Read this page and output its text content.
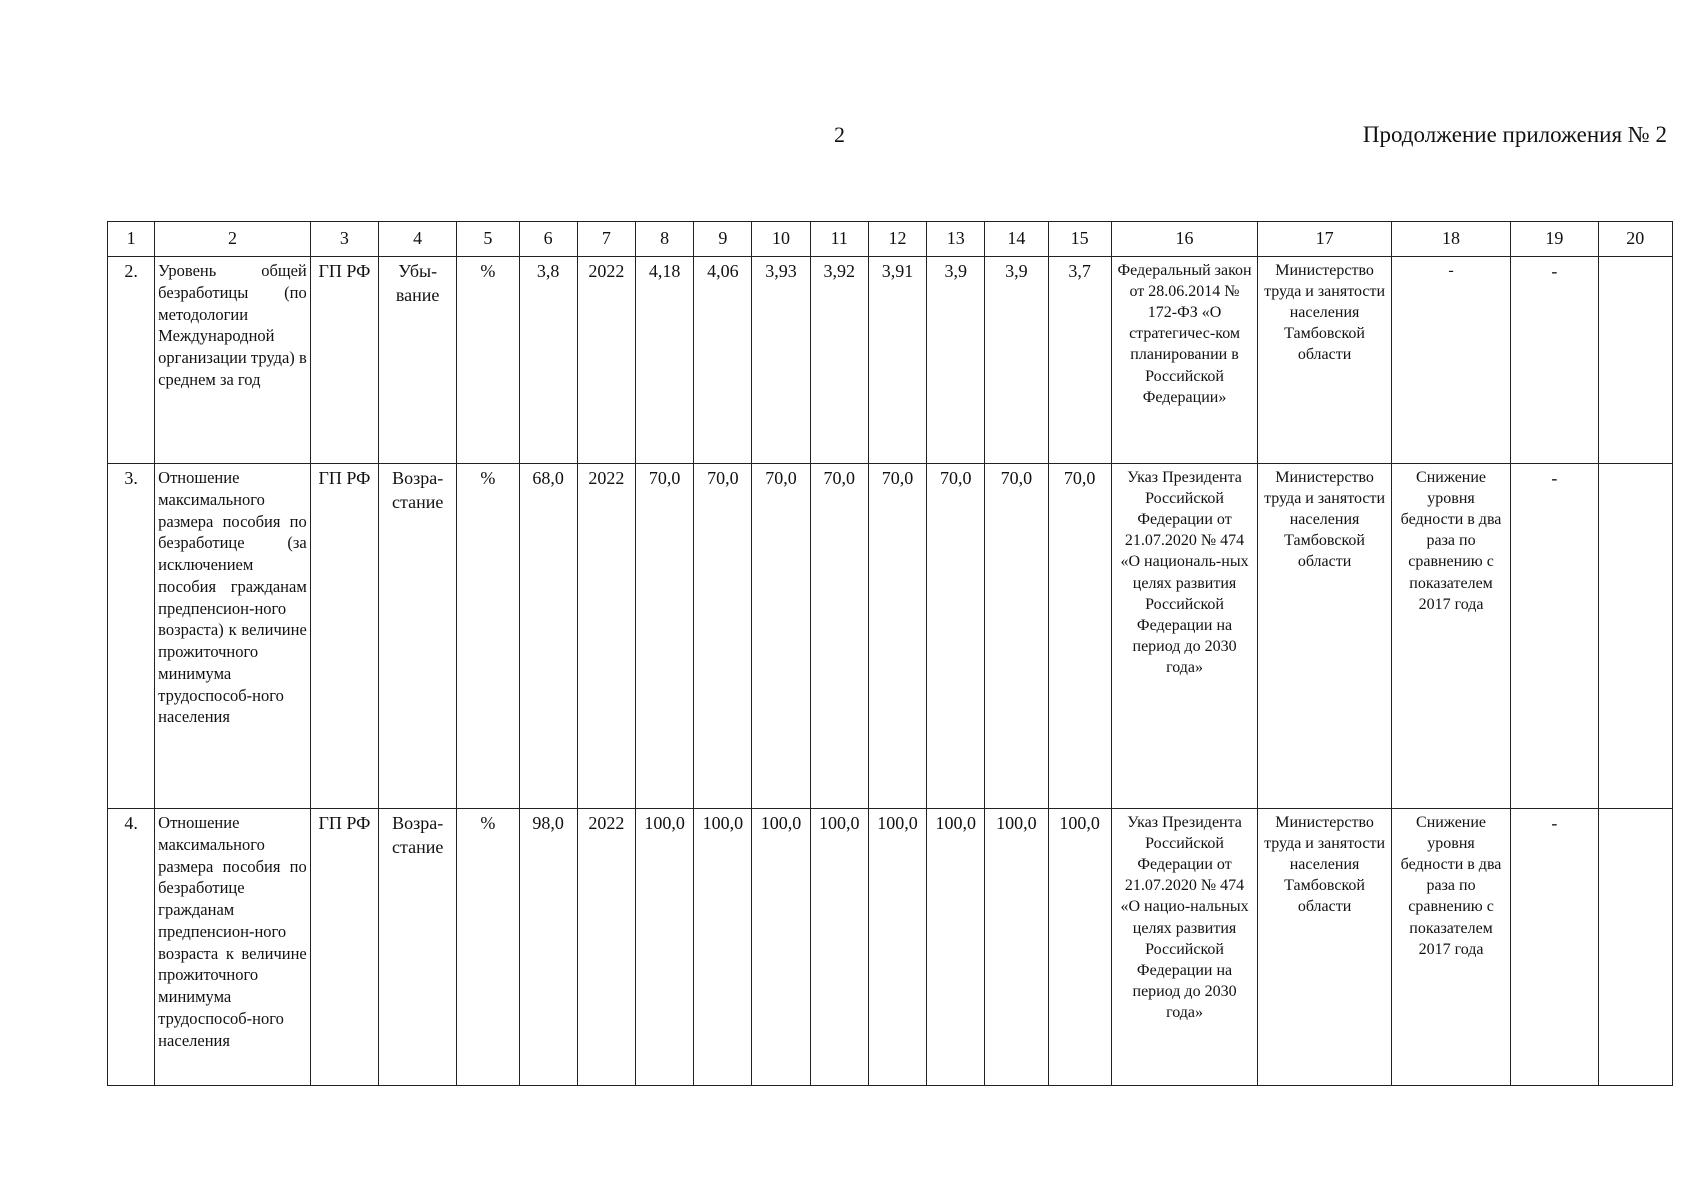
2	Продолжение приложения № 2
1	2	3	4	5	6	7	8	9	10	11	12	13	14	15	16	17	18	19	20
2.	Уровень общей безработицы (по методологии Международной организации труда) в среднем за год	ГП РФ	Убы-вание	%	3,8	2022	4,18	4,06	3,93	3,92	3,91	3,9	3,9	3,7	Федеральный закон от 28.06.2014 № 172-ФЗ «О стратегичес-ком планировании в Российской Федерации»	Министерство труда и занятости населения Тамбовской области	-	-	
3.	Отношение максимального размера пособия по безработице (за исключением пособия гражданам предпенсион-ного возраста) к величине прожиточного минимума трудоспособ-ного населения	ГП РФ	Возра-стание	%	68,0	2022	70,0	70,0	70,0	70,0	70,0	70,0	70,0	70,0	Указ Президента Российской Федерации от 21.07.2020 № 474 «О националь-ных целях развития Российской Федерации на период до 2030 года»	Министерство труда и занятости населения Тамбовской области	Снижение уровня бедности в два раза по сравнению с показателем 2017 года	-	
4.	Отношение максимального размера пособия по безработице гражданам предпенсион-ного возраста к величине прожиточного минимума трудоспособ-ного населения	ГП РФ	Возра-стание	%	98,0	2022	100,0	100,0	100,0	100,0	100,0	100,0	100,0	100,0	Указ Президента Российской Федерации от 21.07.2020 № 474 «О нацио-нальных целях развития Российской Федерации на период до 2030 года»	Министерство труда и занятости населения Тамбовской области	Снижение уровня бедности в два раза по сравнению с показателем 2017 года	-	
